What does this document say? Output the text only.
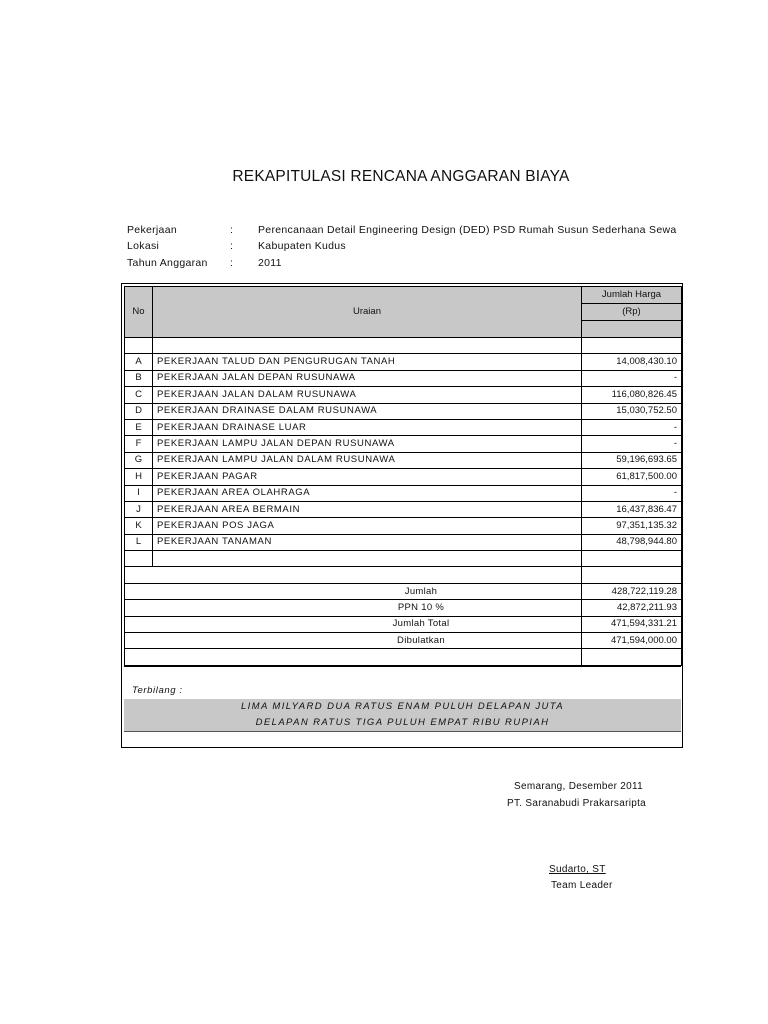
REKAPITULASI RENCANA ANGGARAN BIAYA
Pekerjaan	: Perencanaan Detail Engineering Design (DED) PSD Rumah Susun Sederhana Sewa
Lokasi	: Kabupaten Kudus
Tahun Anggaran : 2011
No	Uraian	Jumlah Harga
		(Rp)

A	PEKERJAAN TALUD DAN PENGURUGAN TANAH	14,008,430.10
B	PEKERJAAN JALAN DEPAN RUSUNAWA	-
C	PEKERJAAN JALAN DALAM RUSUNAWA	116,080,826.45
D	PEKERJAAN DRAINASE DALAM RUSUNAWA	15,030,752.50
E	PEKERJAAN DRAINASE LUAR	-
F	PEKERJAAN LAMPU JALAN DEPAN RUSUNAWA	-
G	PEKERJAAN LAMPU JALAN DALAM RUSUNAWA	59,196,693.65
H	PEKERJAAN PAGAR	61,817,500.00
I	PEKERJAAN AREA OLAHRAGA	-
J	PEKERJAAN AREA BERMAIN	16,437,836.47
K	PEKERJAAN POS JAGA	97,351,135.32
L	PEKERJAAN TANAMAN	48,798,944.80

Jumlah		428,722,119.28
PPN 10 %		42,872,211.93
Jumlah Total		471,594,331.21
Dibulatkan		471,594,000.00

Terbilang :
LIMA MILYARD DUA RATUS ENAM PULUH DELAPAN JUTA
DELAPAN RATUS TIGA PULUH EMPAT RIBU RUPIAH
Semarang, Desember 2011
PT. Saranabudi Prakarsaripta
Sudarto, ST
Team Leader
